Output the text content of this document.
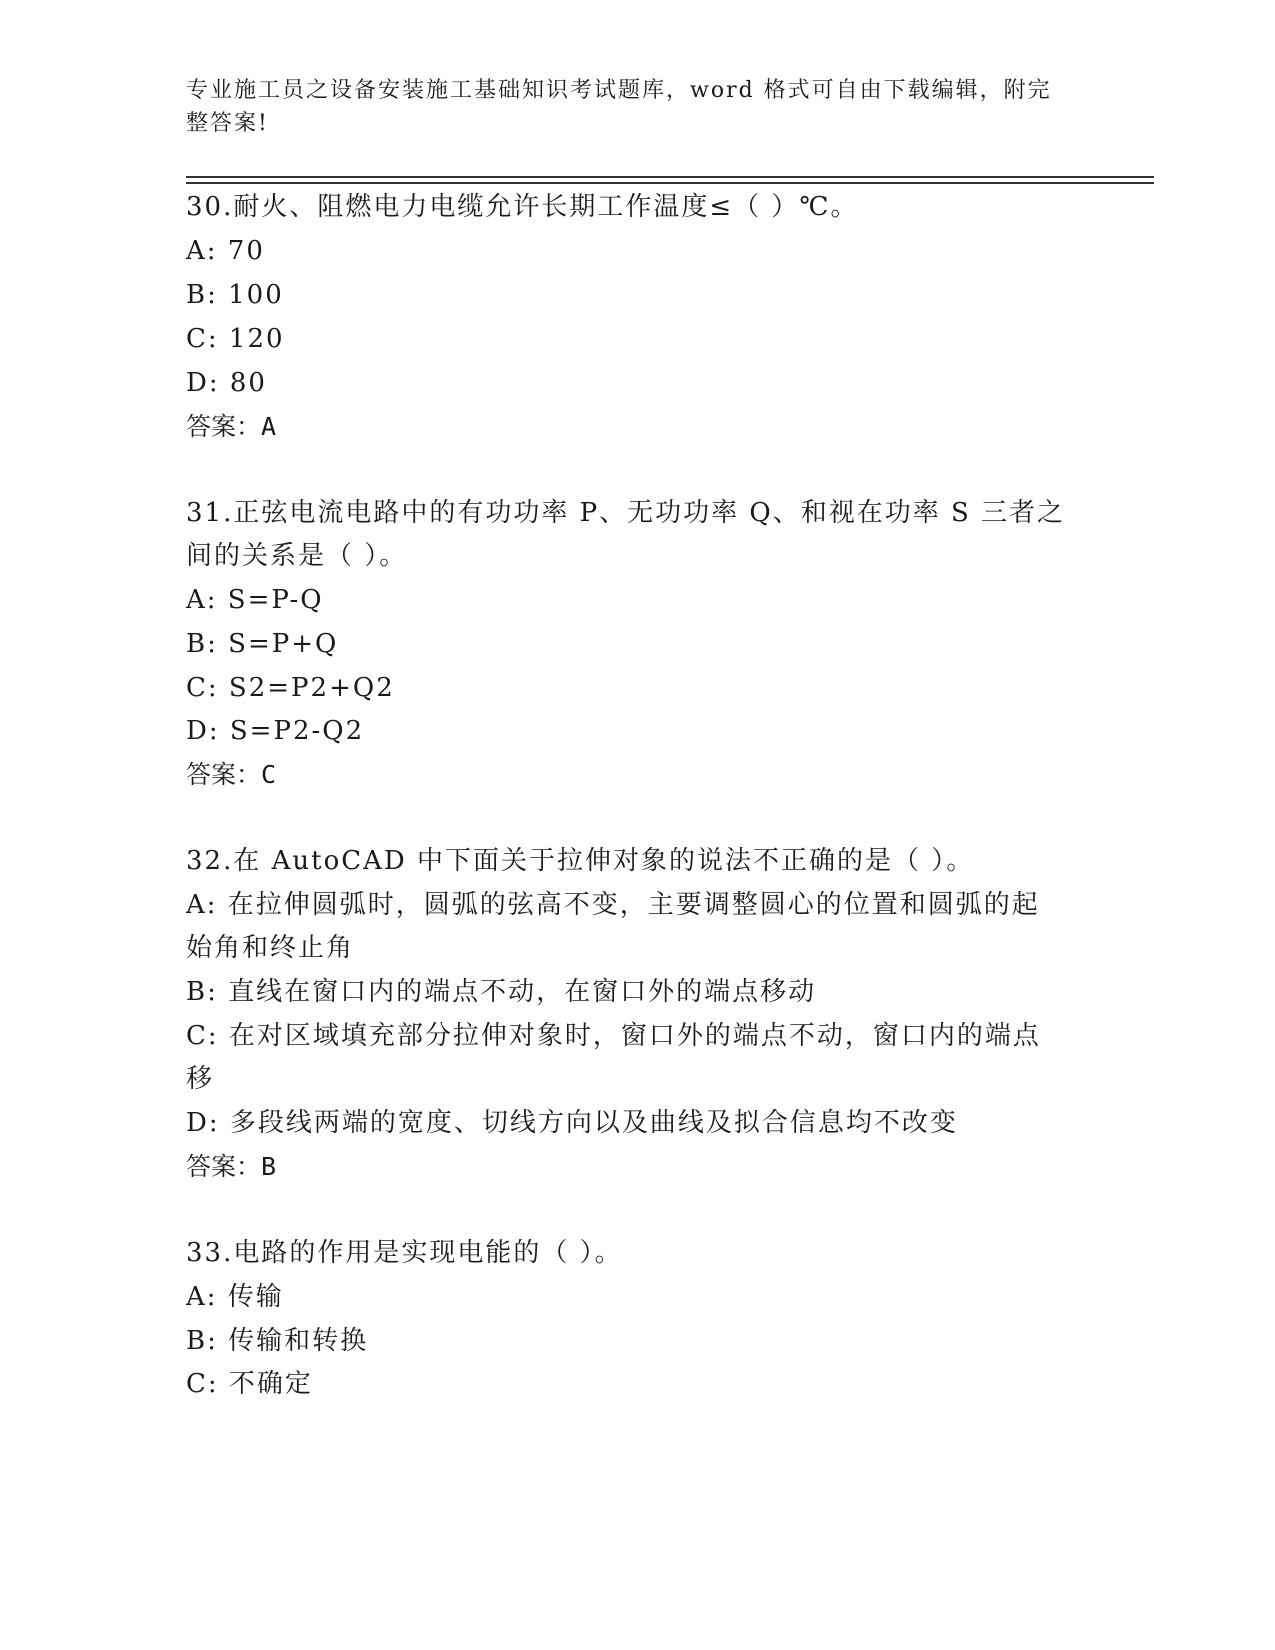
专业施工员之设备安装施工基础知识考试题库，word 格式可自由下载编辑，附完
整答案!
30.耐火、阻燃电力电缆允许长期工作温度≤（ ）℃。
A: 70
B: 100
C: 120
D: 80
答案：A
31.正弦电流电路中的有功功率 P、无功功率 Q、和视在功率 S 三者之
间的关系是（ ）。
A: S=P-Q
B: S=P+Q
C: S2=P2+Q2
D: S=P2-Q2
答案：C
32.在 AutoCAD 中下面关于拉伸对象的说法不正确的是（ ）。
A: 在拉伸圆弧时，圆弧的弦高不变，主要调整圆心的位置和圆弧的起
始角和终止角
B: 直线在窗口内的端点不动，在窗口外的端点移动
C: 在对区域填充部分拉伸对象时，窗口外的端点不动，窗口内的端点
移
D: 多段线两端的宽度、切线方向以及曲线及拟合信息均不改变
答案：B
33.电路的作用是实现电能的（ ）。
A: 传输
B: 传输和转换
C: 不确定
